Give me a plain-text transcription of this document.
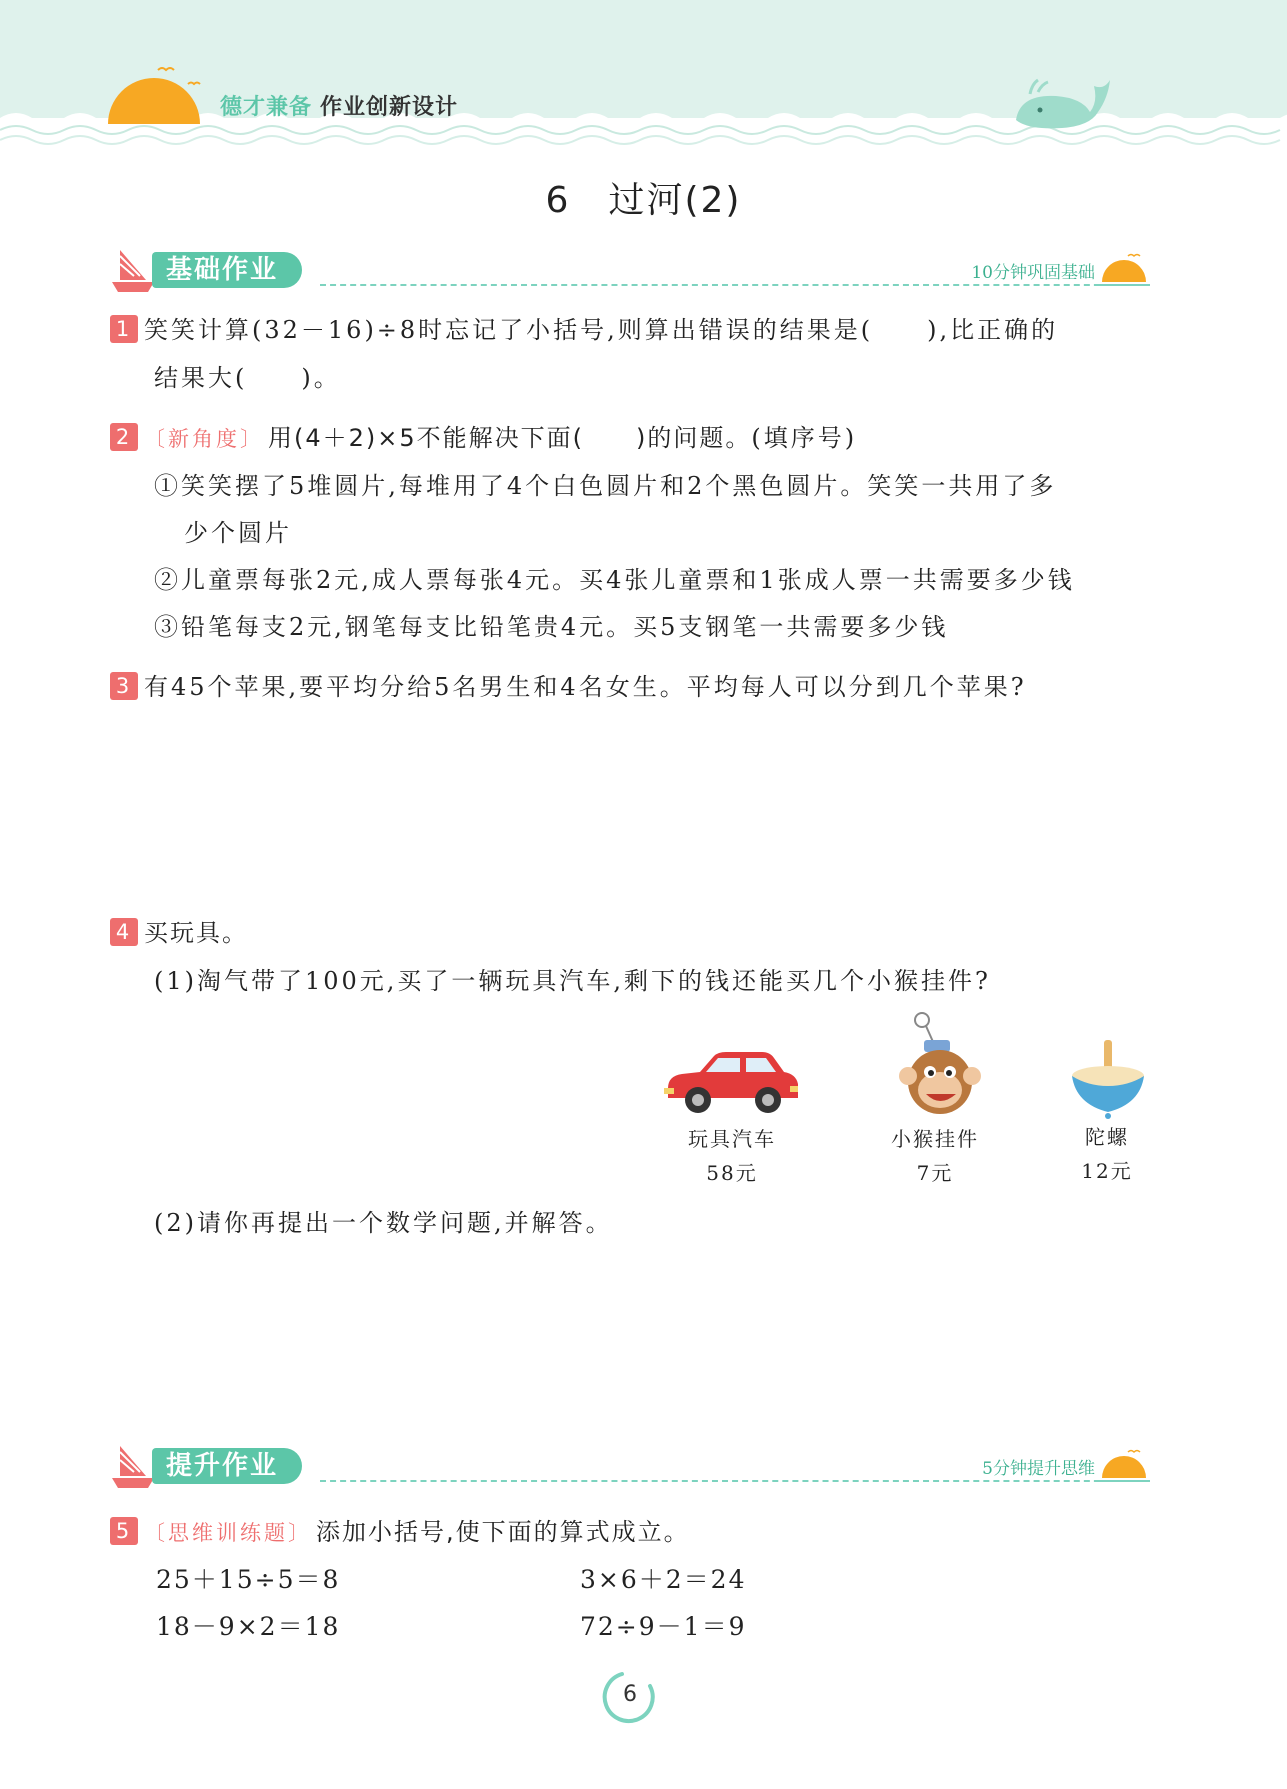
德才兼备 作业创新设计
6　过河(2)
基础作业	10分钟巩固基础
1 笑笑计算(32－16)÷8时忘记了小括号,则算出错误的结果是(　　),比正确的
结果大(　　)。
2 〔新角度〕 用(4＋2)×5不能解决下面(　　)的问题。(填序号)
①笑笑摆了5堆圆片,每堆用了4个白色圆片和2个黑色圆片。笑笑一共用了多
少个圆片
②儿童票每张2元,成人票每张4元。买4张儿童票和1张成人票一共需要多少钱
③铅笔每支2元,钢笔每支比铅笔贵4元。买5支钢笔一共需要多少钱
3 有45个苹果,要平均分给5名男生和4名女生。平均每人可以分到几个苹果?
4 买玩具。
(1)淘气带了100元,买了一辆玩具汽车,剩下的钱还能买几个小猴挂件?
玩具汽车
58元
小猴挂件
7元
陀螺
12元
(2)请你再提出一个数学问题,并解答。
提升作业	5分钟提升思维
5 〔思维训练题〕 添加小括号,使下面的算式成立。
25＋15÷5＝8	3×6＋2＝24
18－9×2＝18	72÷9－1＝9
6
